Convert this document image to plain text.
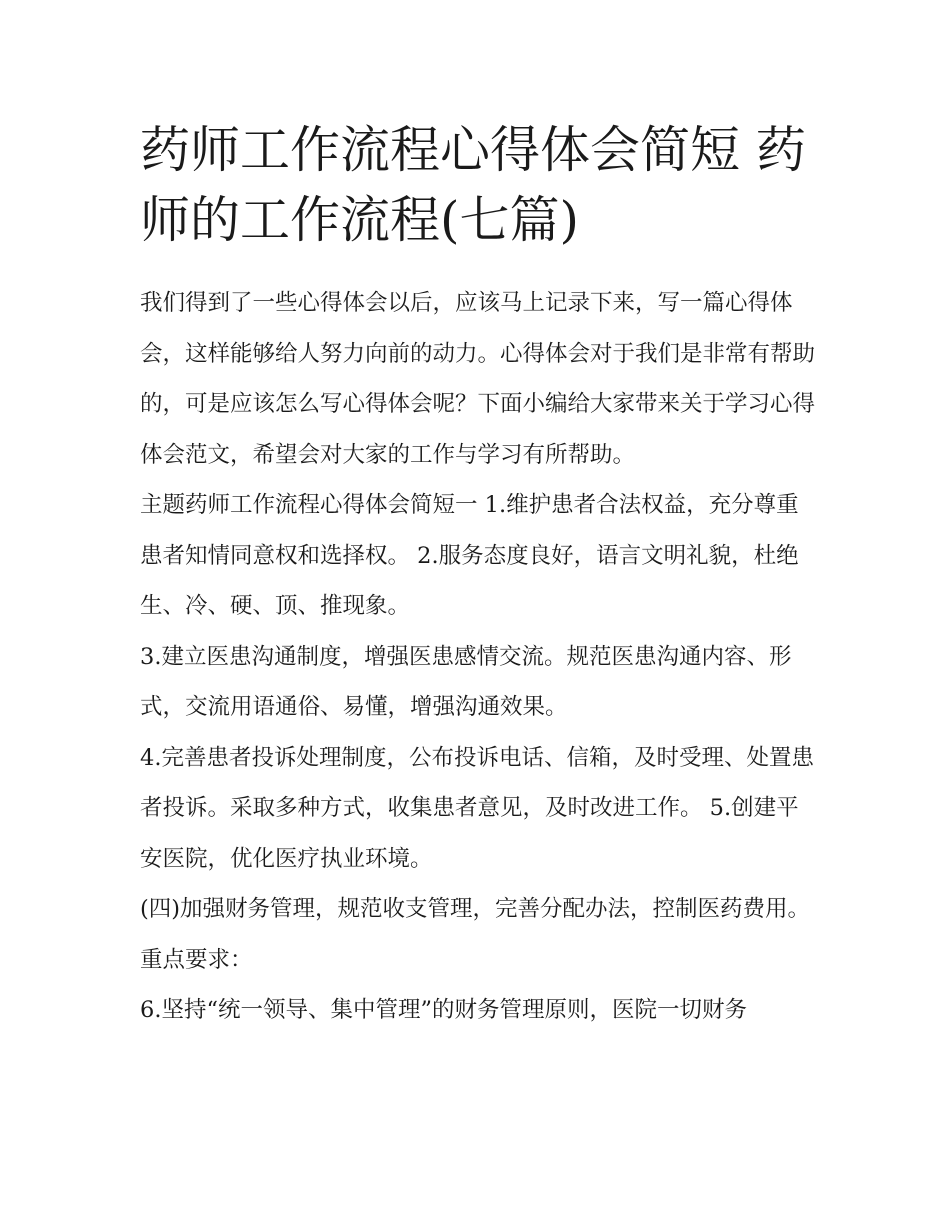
药师工作流程心得体会简短 药师的工作流程(七篇)

我们得到了一些心得体会以后，应该马上记录下来，写一篇心得体会，这样能够给人努力向前的动力。心得体会对于我们是非常有帮助的，可是应该怎么写心得体会呢？下面小编给大家带来关于学习心得体会范文，希望会对大家的工作与学习有所帮助。

主题药师工作流程心得体会简短一 1.维护患者合法权益，充分尊重患者知情同意权和选择权。 2.服务态度良好，语言文明礼貌，杜绝生、冷、硬、顶、推现象。

3.建立医患沟通制度，增强医患感情交流。规范医患沟通内容、形式，交流用语通俗、易懂，增强沟通效果。

4.完善患者投诉处理制度，公布投诉电话、信箱，及时受理、处置患者投诉。采取多种方式，收集患者意见，及时改进工作。 5.创建平安医院，优化医疗执业环境。

(四)加强财务管理，规范收支管理，完善分配办法，控制医药费用。重点要求：

6.坚持“统一领导、集中管理”的财务管理原则，医院一切财务
